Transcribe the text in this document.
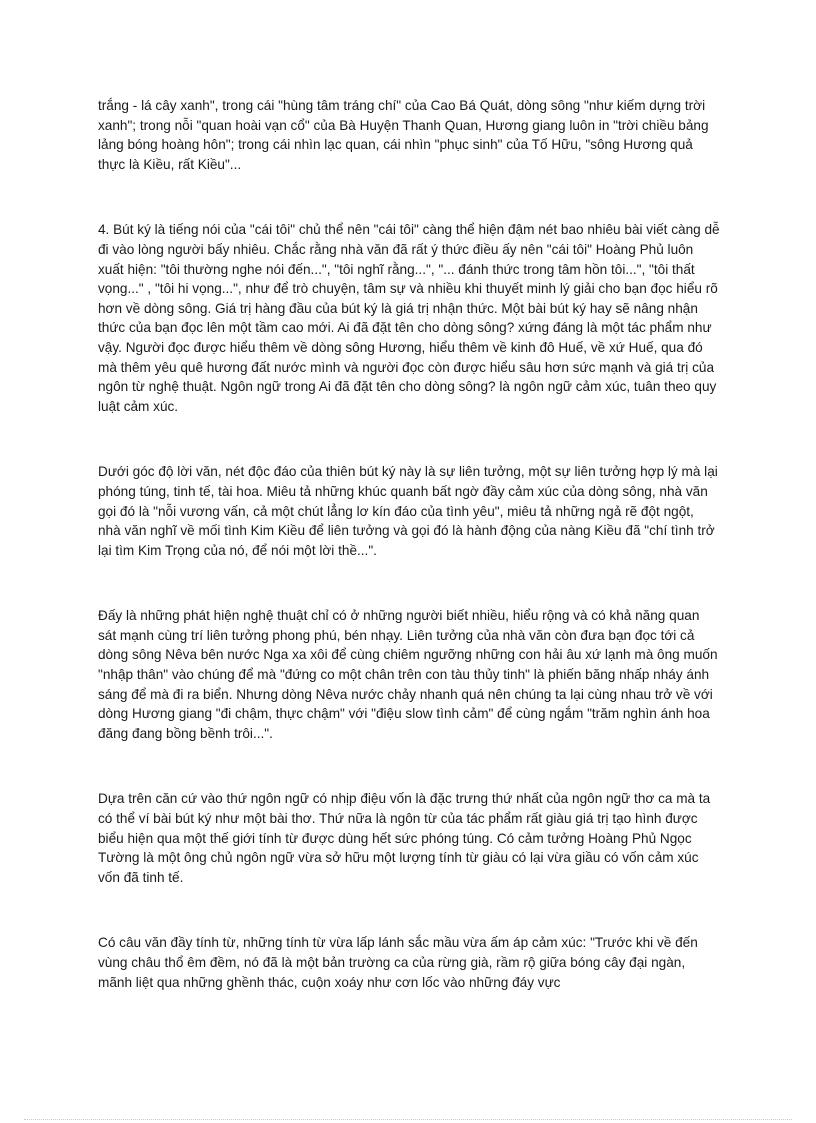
trắng - lá cây xanh", trong cái "hùng tâm tráng chí" của Cao Bá Quát, dòng sông "như kiếm dựng trời xanh"; trong nỗi "quan hoài vạn cổ" của Bà Huyện Thanh Quan, Hương giang luôn in "trời chiều bảng lảng bóng hoàng hôn"; trong cái nhìn lạc quan, cái nhìn "phục sinh" của Tố Hữu, "sông Hương quả thực là Kiều, rất Kiều"...

4. Bút ký là tiếng nói của "cái tôi" chủ thể nên "cái tôi" càng thể hiện đậm nét bao nhiêu bài viết càng dễ đi vào lòng người bấy nhiêu. Chắc rằng nhà văn đã rất ý thức điều ấy nên "cái tôi" Hoàng Phủ luôn xuất hiện: "tôi thường nghe nói đến...", "tôi nghĩ rằng...", "... đánh thức trong tâm hồn tôi...", "tôi thất vọng..." , "tôi hi vọng...", như để trò chuyện, tâm sự và nhiều khi thuyết minh lý giải cho bạn đọc hiểu rõ hơn về dòng sông. Giá trị hàng đầu của bút ký là giá trị nhận thức. Một bài bút ký hay sẽ nâng nhận thức của bạn đọc lên một tầm cao mới. Ai đã đặt tên cho dòng sông? xứng đáng là một tác phẩm như vậy. Người đọc được hiểu thêm về dòng sông Hương, hiểu thêm về kinh đô Huế, về xứ Huế, qua đó mà thêm yêu quê hương đất nước mình và người đọc còn được hiểu sâu hơn sức mạnh và giá trị của ngôn từ nghệ thuật. Ngôn ngữ trong Ai đã đặt tên cho dòng sông? là ngôn ngữ cảm xúc, tuân theo quy luật cảm xúc.

Dưới góc độ lời văn, nét độc đáo của thiên bút ký này là sự liên tưởng, một sự liên tưởng hợp lý mà lại phóng túng, tinh tế, tài hoa. Miêu tả những khúc quanh bất ngờ đầy cảm xúc của dòng sông, nhà văn gọi đó là "nỗi vương vấn, cả một chút lẳng lơ kín đáo của tình yêu", miêu tả những ngả rẽ đột ngột, nhà văn nghĩ về mối tình Kim Kiều để liên tưởng và gọi đó là hành động của nàng Kiều đã "chí tình trở lại tìm Kim Trọng của nó, để nói một lời thề...".

Đấy là những phát hiện nghệ thuật chỉ có ở những người biết nhiều, hiểu rộng và có khả năng quan sát mạnh cùng trí liên tưởng phong phú, bén nhạy. Liên tưởng của nhà văn còn đưa bạn đọc tới cả dòng sông Nêva bên nước Nga xa xôi để cùng chiêm ngưỡng những con hải âu xứ lạnh mà ông muốn "nhập thân" vào chúng để mà "đứng co một chân trên con tàu thủy tinh" là phiến băng nhấp nháy ánh sáng để mà đi ra biển. Nhưng dòng Nêva nước chảy nhanh quá nên chúng ta lại cùng nhau trở về với dòng Hương giang "đi chậm, thực chậm" với "điệu slow tình cảm" để cùng ngắm "trăm nghìn ánh hoa đăng đang bồng bềnh trôi...".

Dựa trên căn cứ vào thứ ngôn ngữ có nhịp điệu vốn là đặc trưng thứ nhất của ngôn ngữ thơ ca mà ta có thể ví bài bút ký như một bài thơ. Thứ nữa là ngôn từ của tác phẩm rất giàu giá trị tạo hình được biểu hiện qua một thế giới tính từ được dùng hết sức phóng túng. Có cảm tưởng Hoàng Phủ Ngọc Tường là một ông chủ ngôn ngữ vừa sở hữu một lượng tính từ giàu có lại vừa giầu có vốn cảm xúc vốn đã tinh tế.

Có câu văn đầy tính từ, những tính từ vừa lấp lánh sắc mầu vừa ấm áp cảm xúc: "Trước khi về đến vùng châu thổ êm đềm, nó đã là một bản trường ca của rừng già, rầm rộ giữa bóng cây đại ngàn, mãnh liệt qua những ghềnh thác, cuộn xoáy như cơn lốc vào những đáy vực
